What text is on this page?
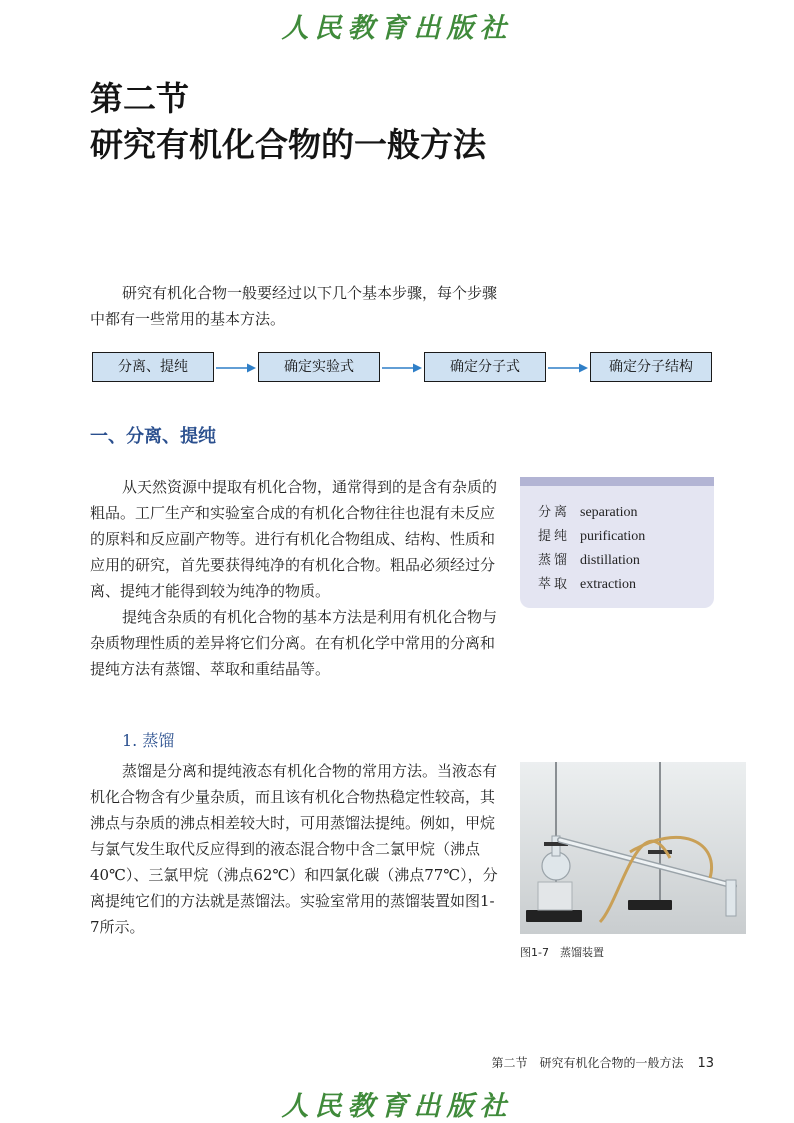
人民教育出版社
第二节
研究有机化合物的一般方法

研究有机化合物一般要经过以下几个基本步骤，每个步骤中都有一些常用的基本方法。

分离、提纯	确定实验式	确定分子式	确定分子结构
一、分离、提纯

从天然资源中提取有机化合物，通常得到的是含有杂质的粗品。工厂生产和实验室合成的有机化合物往往也混有未反应的原料和反应副产物等。进行有机化合物组成、结构、性质和应用的研究，首先要获得纯净的有机化合物。粗品必须经过分离、提纯才能得到较为纯净的物质。

提纯含杂质的有机化合物的基本方法是利用有机化合物与杂质物理性质的差异将它们分离。在有机化学中常用的分离和提纯方法有蒸馏、萃取和重结晶等。

分离 separation
提纯 purification
蒸馏 distillation
萃取 extraction
1. 蒸馏

蒸馏是分离和提纯液态有机化合物的常用方法。当液态有机化合物含有少量杂质，而且该有机化合物热稳定性较高，其沸点与杂质的沸点相差较大时，可用蒸馏法提纯。例如，甲烷与氯气发生取代反应得到的液态混合物中含二氯甲烷（沸点40℃）、三氯甲烷（沸点62℃）和四氯化碳（沸点77℃），分离提纯它们的方法就是蒸馏法。实验室常用的蒸馏装置如图1-7所示。

图1-7　蒸馏装置
第二节　研究有机化合物的一般方法 13
人民教育出版社
